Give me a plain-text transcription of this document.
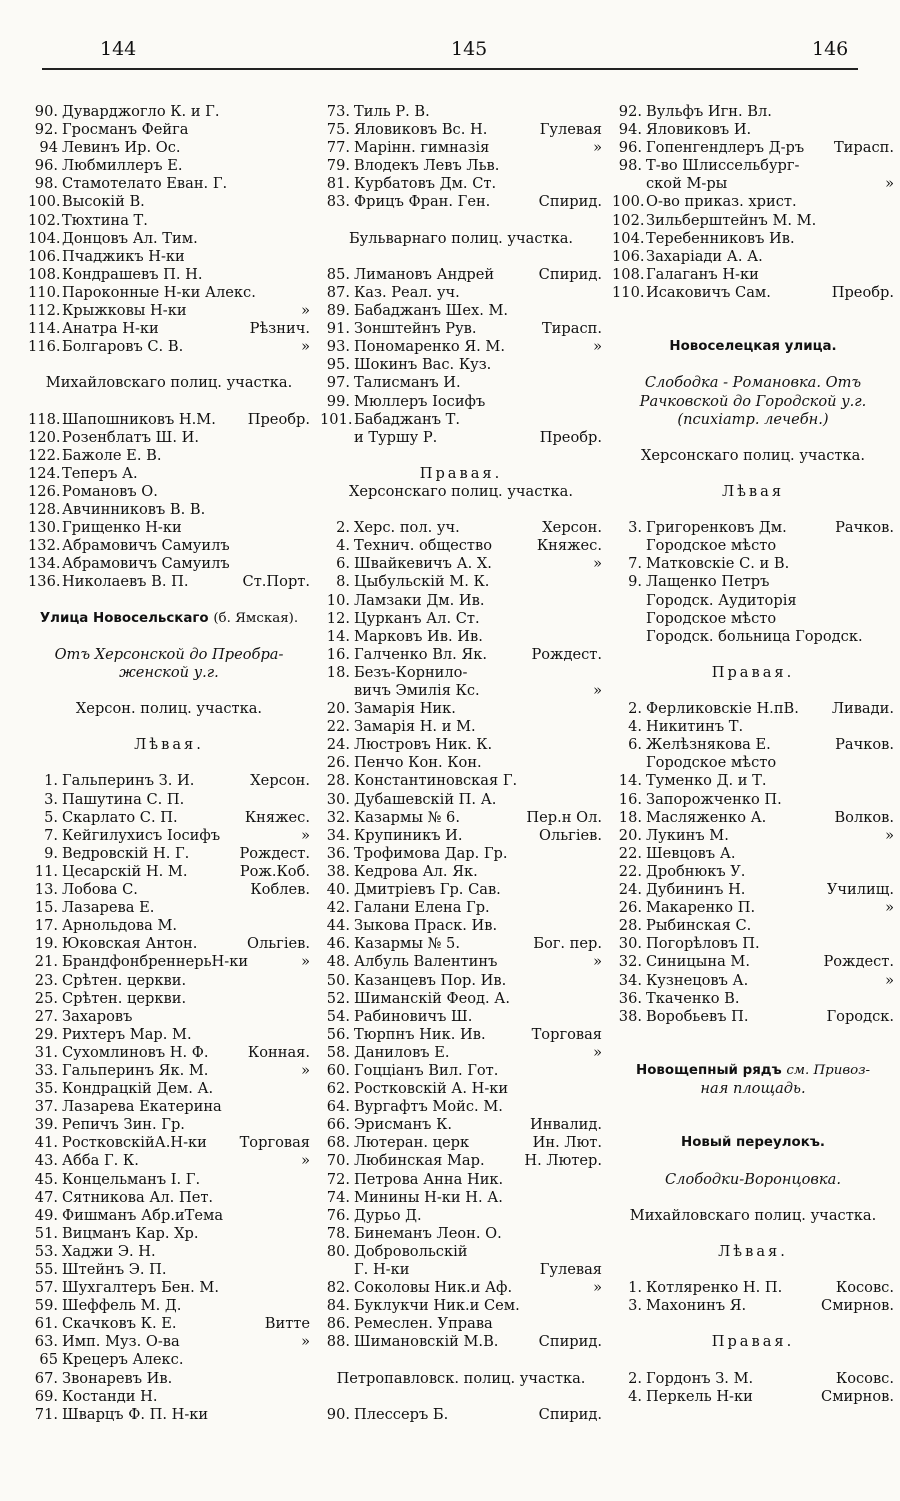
144	145	146
90. Дуварджогло К. и Г.
92. Гросманъ Фейга
94 Левинъ Ир. Ос.
96. Любмиллеръ Е.
98. Стамотелато Еван. Г.
100. Высокій В.
102. Тюхтина Т.
104. Донцовъ Ал. Тим.
106. Пчаджикъ Н-ки
108. Кондрашевъ П. Н.
110. Пароконные Н-ки Алекс.
112. Крыжковы Н-ки	»
114. Анатра Н-ки	Рѣзнич.
116. Болгаровъ С. В.	»
Михайловскаго полиц. участка.
118. Шапошниковъ Н.М.	Преобр.
120. Розенблатъ Ш. И.
122. Бажоле Е. В.
124. Теперъ А.
126. Романовъ О.
128. Авчинниковъ В. В.
130. Грищенко Н-ки
132. Абрамовичъ Самуилъ
134. Абрамовичъ Самуилъ
136. Николаевъ В. П.	Ст.Порт.
Улица Новосельскаго (б. Ямская).
Отъ Херсонской до Преобра-
женской у.г.
Херсон. полиц. участка.
Лѣвая.
1. Гальперинъ З. И.	Херсон.
3. Пашутина С. П.
5. Скарлато С. П.	Княжес.
7. Кейгилухисъ Іосифъ	»
9. Ведровскій Н. Г.	Рождест.
11. Цесарскій Н. М.	Рож.Коб.
13. Лобова С.	Коблев.
15. Лазарева Е.
17. Арнольдова М.
19. Юковская Антон.	Ольгіев.
21. БрандфонбреннерьН-ки	»
23. Срѣтен. церкви.
25. Срѣтен. церкви.
27. Захаровъ
29. Рихтеръ Мар. М.
31. Сухомлиновъ Н. Ф.	Конная.
33. Гальперинъ Як. М.	»
35. Кондрацкій Дем. А.
37. Лазарева Екатерина
39. Репичъ Зин. Гр.
41. РостковскійА.Н-ки	Торговая
43. Абба Г. К.	»
45. Концельманъ I. Г.
47. Сятникова Ал. Пет.
49. Фишманъ Абр.иТема
51. Вицманъ Кар. Хр.
53. Хаджи Э. Н.
55. Штейнъ Э. П.
57. Шухгалтеръ Бен. М.
59. Шеффель М. Д.
61. Скачковъ К. Е.	Витте
63. Имп. Муз. О-ва	»
65 Крецеръ Алекс.
67. Звонаревъ Ив.
69. Костанди Н.
71. Шварцъ Ф. П. Н-ки
73. Тиль Р. В.
75. Яловиковъ Вс. Н.	Гулевая
77. Марінн. гимназія	»
79. Влодекъ Левъ Льв.
81. Курбатовъ Дм. Ст.
83. Фрицъ Фран. Ген.	Спирид.
Бульварнаго полиц. участка.
85. Лимановъ Андрей	Спирид.
87. Каз. Реал. уч.
89. Бабаджанъ Шех. М.
91. Зонштейнъ Рув.	Тирасп.
93. Пономаренко Я. М.	»
95. Шокинъ Вас. Куз.
97. Талисманъ И.
99. Мюллеръ Іосифъ
101. Бабаджанъ Т.
и Туршу Р.	Преобр.
Правая.
Херсонскаго полиц. участка.
2. Херс. пол. уч.	Херсон.
4. Технич. общество	Княжес.
6. Швайкевичъ А. Х.	»
8. Цыбульскій М. К.
10. Ламзаки Дм. Ив.
12. Цурканъ Ал. Ст.
14. Марковъ Ив. Ив.
16. Галченко Вл. Як.	Рождест.
18. Безъ-Корнило-
вичъ Эмилія Кс.	»
20. Замарія Ник.
22. Замарія Н. и М.
24. Люстровъ Ник. К.
26. Пенчо Кон. Кон.
28. Константиновская Г.
30. Дубашевскій П. А.
32. Казармы № 6.	Пер.н Ол.
34. Крупиникъ И.	Ольгіев.
36. Трофимова Дар. Гр.
38. Кедрова Ал. Як.
40. Дмитріевъ Гр. Сав.
42. Галани Елена Гр.
44. Зыкова Праск. Ив.
46. Казармы № 5.	Бог. пер.
48. Албуль Валентинъ	»
50. Казанцевъ Пор. Ив.
52. Шиманскій Феод. А.
54. Рабиновичъ Ш.
56. Тюрпнъ Ник. Ив.	Торговая
58. Даниловъ Е.	»
60. Гоцціанъ Вил. Гот.
62. Ростковскій А. Н-ки
64. Вургафтъ Мойс. М.
66. Эрисманъ К.	Инвалид.
68. Лютеран. церк	Ин. Лют.
70. Любинская Мар.	Н. Лютер.
72. Петрова Анна Ник.
74. Минины Н-ки Н. А.
76. Дурьо Д.
78. Бинеманъ Леон. О.
80. Добровольскій
Г. Н-ки	Гулевая
82. Соколовы Ник.и Аф.	»
84. Буклукчи Ник.и Сем.
86. Ремеслен. Управа
88. Шимановскій М.В.	Спирид.
Петропавловск. полиц. участка.
90. Плессеръ Б.	Спирид.
92. Вульфъ Игн. Вл.
94. Яловиковъ И.
96. Гопенгендлеръ Д-ръ	Тирасп.
98. Т-во Шлиссельбург-
ской М-ры	»
100. О-во приказ. христ.
102. Зильберштейнъ М. М.
104. Теребенниковъ Ив.
106. Захаріади А. А.
108. Галаганъ Н-ки
110. Исаковичъ Сам.	Преобр.
Новоселецкая улица.
Слободка - Романовка. Отъ
Рачковской до Городской у.г.
(психіатр. лечебн.)
Херсонскаго полиц. участка.
Лѣвая
3. Григоренковъ Дм.	Рачков.
Городское мѣсто
7. Матковскіе С. и В.
9. Лащенко Петръ
Городск. Аудиторія
Городское мѣсто
Городск. больница Городск.
Правая.
2. Ферликовскіе Н.пВ.	Ливади.
4. Никитинъ Т.
6. Желѣзнякова Е.	Рачков.
Городское мѣсто
14. Туменко Д. и Т.
16. Запорожченко П.
18. Масляженко А.	Волков.
20. Лукинъ М.	»
22. Шевцовъ А.
22. Дробнюкъ У.
24. Дубининъ Н.	Училищ.
26. Макаренко П.	»
28. Рыбинская С.
30. Погорѣловъ П.
32. Синицына М.	Рождест.
34. Кузнецовъ А.	»
36. Ткаченко В.
38. Воробьевъ П.	Городск.
Новощепный рядъ см. Привоз-
ная площадь.
Новый переулокъ.
Слободки-Воронцовка.
Михайловскаго полиц. участка.
Лѣвая.
1. Котляренко Н. П.	Косовс.
3. Махонинъ Я.	Смирнов.
Правая.
2. Гордонъ З. М.	Косовс.
4. Перкель Н-ки	Смирнов.
